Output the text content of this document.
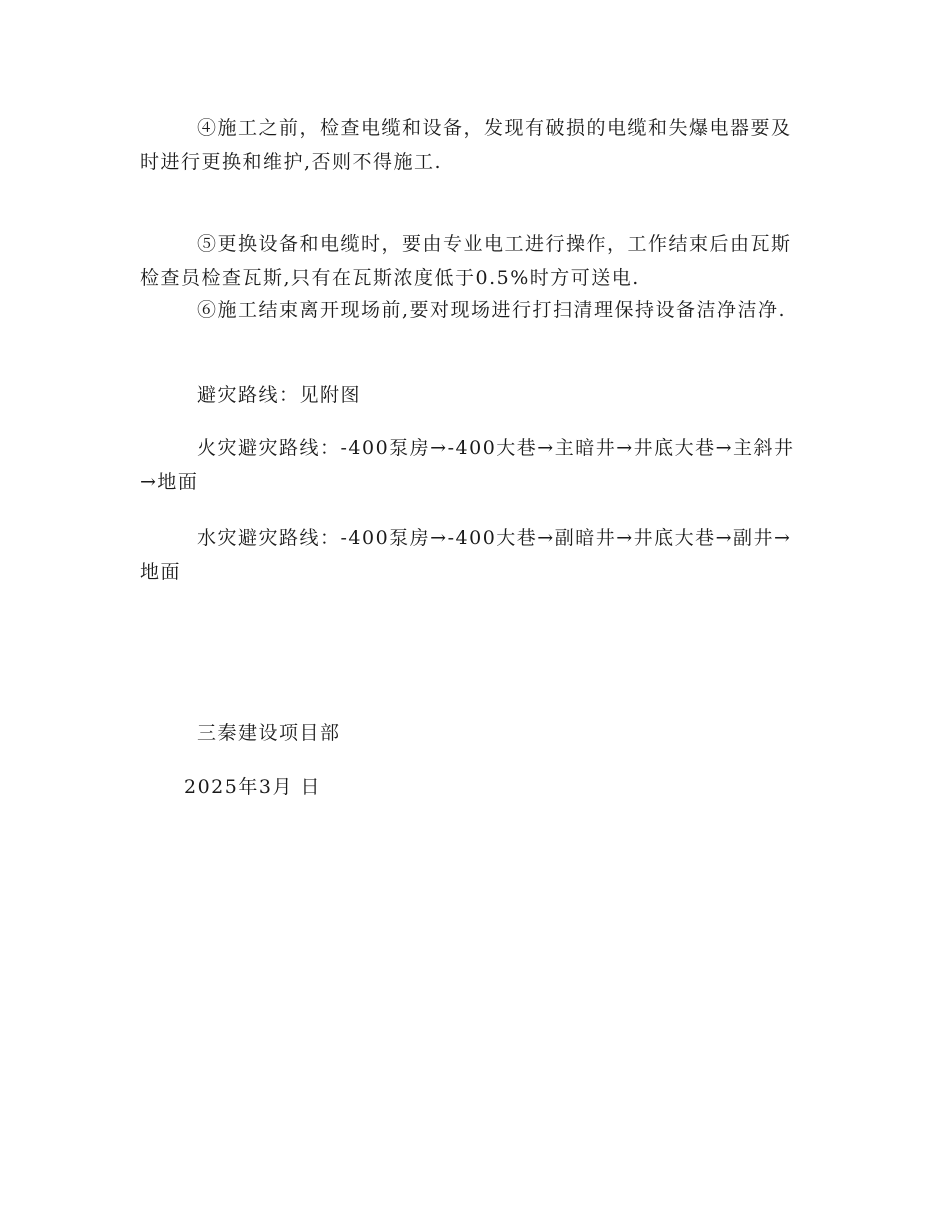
④施工之前，检查电缆和设备，发现有破损的电缆和失爆电器要及时进行更换和维护,否则不得施工.

⑤更换设备和电缆时，要由专业电工进行操作，工作结束后由瓦斯检查员检查瓦斯,只有在瓦斯浓度低于0.5%时方可送电.

⑥施工结束离开现场前,要对现场进行打扫清理保持设备洁净洁净.

避灾路线：见附图

火灾避灾路线：-400泵房→-400大巷→主暗井→井底大巷→主斜井→地面

水灾避灾路线：-400泵房→-400大巷→副暗井→井底大巷→副井→地面

三秦建设项目部

2025年3月 日
